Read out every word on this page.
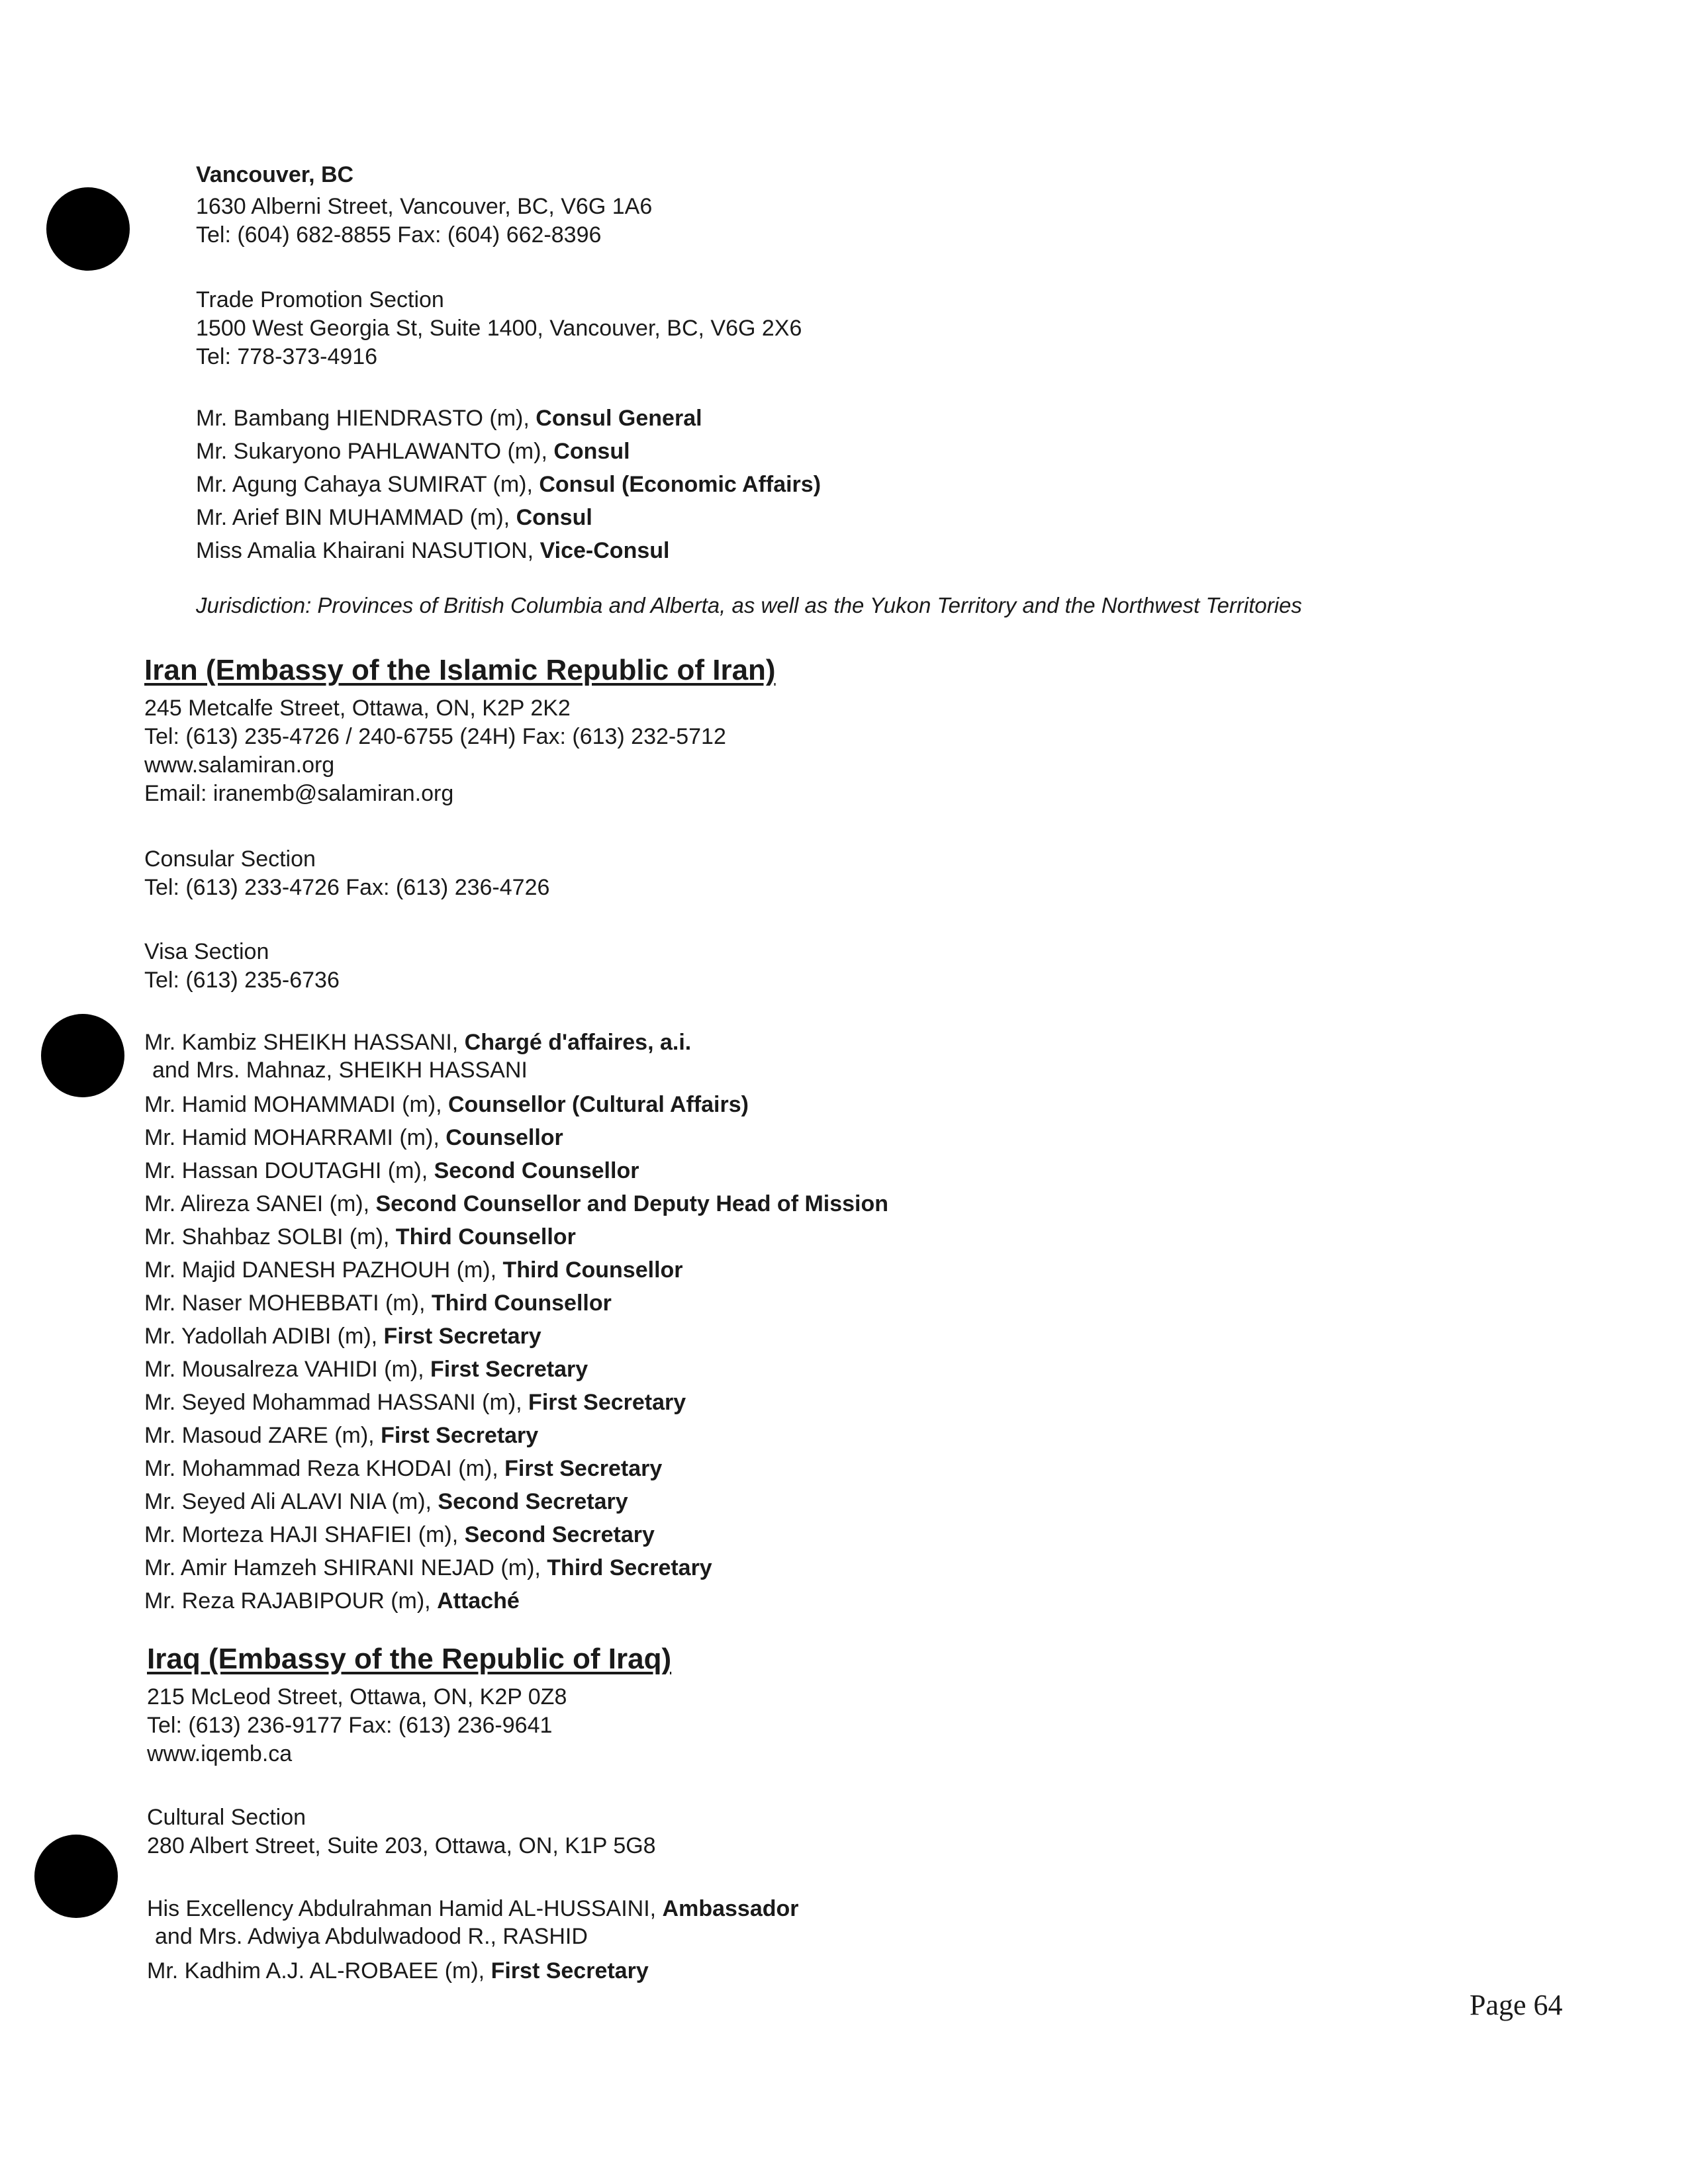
Vancouver, BC
1630 Alberni Street, Vancouver, BC, V6G 1A6
Tel: (604) 682-8855 Fax: (604) 662-8396
Trade Promotion Section
1500 West Georgia St, Suite 1400, Vancouver, BC, V6G 2X6
Tel: 778-373-4916
Mr. Bambang HIENDRASTO (m), Consul General
Mr. Sukaryono PAHLAWANTO (m), Consul
Mr. Agung Cahaya SUMIRAT (m), Consul (Economic Affairs)
Mr. Arief BIN MUHAMMAD (m), Consul
Miss Amalia Khairani NASUTION, Vice-Consul
Jurisdiction: Provinces of British Columbia and Alberta, as well as the Yukon Territory and the Northwest Territories
Iran (Embassy of the Islamic Republic of Iran)
245 Metcalfe Street, Ottawa, ON, K2P 2K2
Tel: (613) 235-4726 / 240-6755 (24H) Fax: (613) 232-5712
www.salamiran.org
Email: iranemb@salamiran.org
Consular Section
Tel: (613) 233-4726 Fax: (613) 236-4726
Visa Section
Tel: (613) 235-6736
Mr. Kambiz SHEIKH HASSANI, Chargé d'affaires, a.i.
and Mrs. Mahnaz, SHEIKH HASSANI
Mr. Hamid MOHAMMADI (m), Counsellor (Cultural Affairs)
Mr. Hamid MOHARRAMI (m), Counsellor
Mr. Hassan DOUTAGHI (m), Second Counsellor
Mr. Alireza SANEI (m), Second Counsellor and Deputy Head of Mission
Mr. Shahbaz SOLBI (m), Third Counsellor
Mr. Majid DANESH PAZHOUH (m), Third Counsellor
Mr. Naser MOHEBBATI (m), Third Counsellor
Mr. Yadollah ADIBI (m), First Secretary
Mr. Mousalreza VAHIDI (m), First Secretary
Mr. Seyed Mohammad HASSANI (m), First Secretary
Mr. Masoud ZARE (m), First Secretary
Mr. Mohammad Reza KHODAI (m), First Secretary
Mr. Seyed Ali ALAVI NIA (m), Second Secretary
Mr. Morteza HAJI SHAFIEI (m), Second Secretary
Mr. Amir Hamzeh SHIRANI NEJAD (m), Third Secretary
Mr. Reza RAJABIPOUR (m), Attaché
Iraq (Embassy of the Republic of Iraq)
215 McLeod Street, Ottawa, ON, K2P 0Z8
Tel: (613) 236-9177 Fax: (613) 236-9641
www.iqemb.ca
Cultural Section
280 Albert Street, Suite 203, Ottawa, ON, K1P 5G8
His Excellency Abdulrahman Hamid AL-HUSSAINI, Ambassador
and Mrs. Adwiya Abdulwadood R., RASHID
Mr. Kadhim A.J. AL-ROBAEE (m), First Secretary
Page 64
